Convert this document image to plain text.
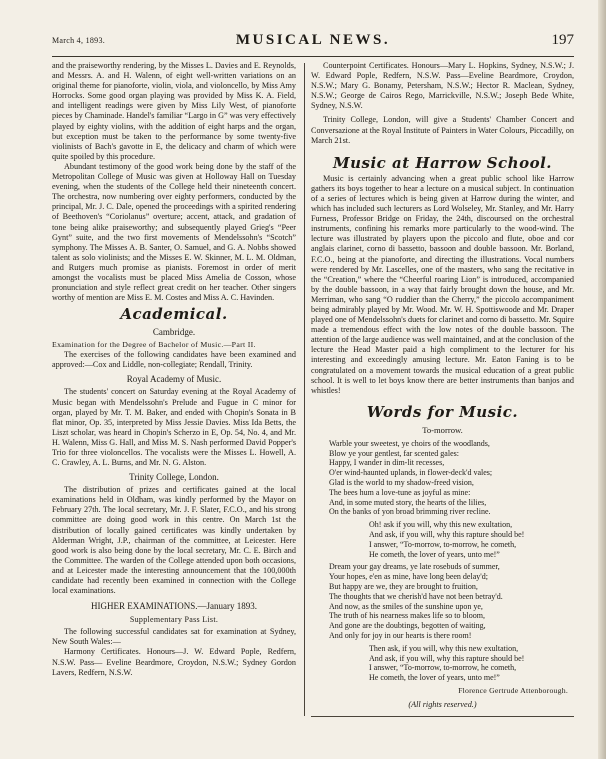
March 4, 1893.	MUSICAL NEWS.	197

and the praiseworthy rendering, by the Misses L. Davies and E. Reynolds, and Messrs. A. and H. Walenn, of eight well-written variations on an original theme for pianoforte, violin, viola, and violoncello, by Miss Amy Horrocks. Some good organ playing was provided by Miss K. A. Field, and intelligent readings were given by Miss Lily West, of pianoforte pieces by Chaminade. Handel's familiar “Largo in G” was very effectively played by eighty violins, with the addition of eight harps and the organ, but exception must be taken to the performance by some twenty-five violinists of Bach's gavotte in E, the delicacy and charm of which were quite spoiled by this procedure.

Abundant testimony of the good work being done by the staff of the Metropolitan College of Music was given at Holloway Hall on Tuesday evening, when the students of the College held their nineteenth concert. The orchestra, now numbering over eighty performers, conducted by the principal, Mr. J. C. Dale, opened the proceedings with a spirited rendering of Beethoven's “Coriolanus” overture; accent, attack, and gradation of tone being alike praiseworthy; and subsequently played Grieg's “Peer Gynt” suite, and the two first movements of Mendelssohn's “Scotch” symphony. The Misses A. B. Santer, O. Samuel, and G. A. Nobbs showed talent as solo violinists; and the Misses E. W. Skinner, M. L. M. Oldman, and Rutgers much promise as pianists. Foremost in order of merit amongst the vocalists must be placed Miss Amelia de Cosson, whose pronunciation and style reflect great credit on her teacher. Other singers worthy of mention are Miss E. M. Costes and Miss A. C. Havinden.

Academical.
Cambridge.

Examination for the Degree of Bachelor of Music.—Part II.

The exercises of the following candidates have been examined and approved:—Cox and Liddle, non-collegiate; Rendall, Trinity.

Royal Academy of Music.

The students' concert on Saturday evening at the Royal Academy of Music began with Mendelssohn's Prelude and Fugue in C minor for organ, played by Mr. T. M. Baker, and ended with Chopin's Sonata in B flat minor, Op. 35, interpreted by Miss Jessie Davies. Miss Ida Betts, the Liszt scholar, was heard in Chopin's Scherzo in E, Op. 54, No. 4, and Mr. H. Walenn, Miss G. Hall, and Miss M. S. Nash performed David Popper's Trio for three violoncellos. The vocalists were the Misses L. Howell, A. C. Crawley, A. L. Burns, and Mr. N. G. Alston.

Trinity College, London.

The distribution of prizes and certificates gained at the local examinations held in Oldham, was kindly performed by the Mayor on February 27th. The local secretary, Mr. J. F. Slater, F.C.O., and his strong committee are doing good work in this centre. On March 1st the distribution of locally gained certificates was kindly undertaken by Alderman Wright, J.P., chairman of the committee, at Leicester. Here good work is also being done by the local secretary, Mr. C. E. Birch and the Committee. The warden of the College attended upon both occasions, and at Leicester made the interesting announcement that the 100,000th candidate had recently been examined in connection with the College local examinations.

HIGHER EXAMINATIONS.—January 1893.
Supplementary Pass List.

The following successful candidates sat for examination at Sydney, New South Wales:—

Harmony Certificates. Honours—J. W. Edward Pople, Redfern, N.S.W. Pass— Eveline Beardmore, Croydon, N.S.W.; Sydney Gordon Lavers, Redfern, N.S.W.

Counterpoint Certificates. Honours—Mary L. Hopkins, Sydney, N.S.W.; J. W. Edward Pople, Redfern, N.S.W. Pass—Eveline Beardmore, Croydon, N.S.W.; Mary G. Bonamy, Petersham, N.S.W.; Hector R. Maclean, Sydney, N.S.W.; George de Cairos Rego, Marrickville, N.S.W.; Joseph Bede White, Sydney, N.S.W.

Trinity College, London, will give a Students' Chamber Concert and Conversazione at the Royal Institute of Painters in Water Colours, Piccadilly, on March 21st.

Music at Harrow School.

Music is certainly advancing when a great public school like Harrow gathers its boys together to hear a lecture on a musical subject. In continuation of a series of lectures which is being given at Harrow during the winter, and which has included such lecturers as Lord Wolseley, Mr. Stanley, and Mr. Harry Furness, Professor Bridge on Friday, the 24th, discoursed on the orchestral instruments, confining his remarks more particularly to the wood-wind. The lecture was illustrated by players upon the piccolo and flute, oboe and cor anglais clarinet, corno di bassetto, bassoon and double bassoon. Mr. Borland, F.C.O., being at the pianoforte, and directing the illustrations. Vocal numbers were rendered by Mr. Lascelles, one of the masters, who sang the recitative in the “Creation,” where the “Cheerful roaring Lion” is introduced, accompanied by the double bassoon, in a way that fairly brought down the house, and Mr. Merriman, who sang “O ruddier than the Cherry,” the piccolo accompaniment being admirably played by Mr. Wood. Mr. W. H. Spottiswoode and Mr. Draper played one of Mendelssohn's duets for clarinet and corno di bassetto. Mr. Squire made a tremendous effect with the low notes of the double bassoon. The attention of the large audience was well maintained, and at the conclusion of the lecture the Head Master paid a high compliment to the lecturer for his interesting and exceedingly amusing lecture. Mr. Eaton Faning is to be congratulated on a movement towards the musical education of a great public school. It is well to let boys know there are better instruments than banjos and whistles!

Words for Music.
To-morrow.
Warble your sweetest, ye choirs of the woodlands,
Blow ye your gentlest, far scented gales:
Happy, I wander in dim-lit recesses,
O'er wind-haunted uplands, in flower-deck'd vales;
Glad is the world to my shadow-freed vision,
The bees hum a love-tune as joyful as mine:
And, in some muted story, the hearts of the lilies,
On the banks of yon broad brimming river recline.
Oh! ask if you will, why this new exultation,
And ask, if you will, why this rapture should be!
I answer, “To-morrow, to-morrow, he cometh,
He cometh, the lover of years, unto me!”
Dream your gay dreams, ye late rosebuds of summer,
Your hopes, e'en as mine, have long been delay'd;
But happy are we, they are brought to fruition,
The thoughts that we cherish'd have not been betray'd.
And now, as the smiles of the sunshine upon ye,
The truth of his nearness makes life so to bloom,
And gone are the doubtings, begotten of waiting,
And only for joy in our hearts is there room!
Then ask, if you will, why this new exultation,
And ask, if you will, why this rapture should be!
I answer, “To-morrow, to-morrow, he cometh,
He cometh, the lover of years, unto me!”
Florence Gertrude Attenborough.
(All rights reserved.)
